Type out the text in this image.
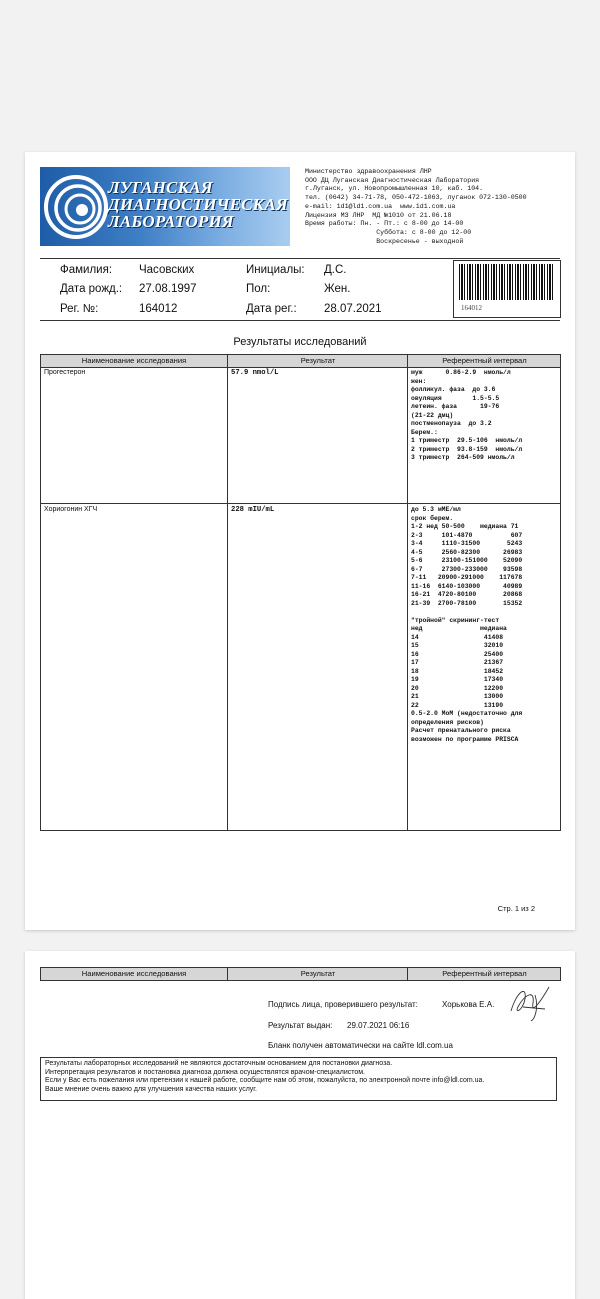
ЛУГАНСКАЯ
ДИАГНОСТИЧЕСКАЯ
ЛАБОРАТОРИЯ
Министерство здравоохранения ЛНР
ООО ДЦ Луганская Диагностическая Лаборатория
г.Луганск, ул. Новопромышленная 10, каб. 104.
тел. (0642) 34-71-78, 050-472-1063, луганок 072-130-0500
e-mail: 1d1@ld1.com.ua  www.1d1.com.ua
Лицензия МЗ ЛНР  МД №1010 от 21.06.18
Время работы: Пн. - Пт.: с 8-00 до 14-00
Суббота: с 8-00 до 12-00
Воскресенье - выходной
Фамилия: Часовских	Инициалы: Д.С.
Дата рожд.: 27.08.1997	Пол:	Жен.
Рег. №:	164012	Дата рег.: 28.07.2021	164012
Результаты исследований
Наименование исследования	Результат	Референтный интервал
Прогестерон	57.9 nmol/L	муж      0.86-2.9  нмоль/л
жен:
фолликул. фаза  до 3.6
овуляция        1.5-5.5
летеин. фаза      19-76
(21-22 дмц)
постменопауза  до 3.2
Берем.:
1 триместр  29.5-106  нмоль/л
2 триместр  93.8-159  нмоль/л
3 триместр  264-509 нмоль/л
Хориогонин ХГЧ	228 mIU/mL	до 5.3 мМЕ/мл
срок берем.
1-2 нед 50-500    медиана 71
2-3     101-4870          607
3-4     1110-31500       5243
4-5     2560-82300      26983
5-6     23100-151000    52090
6-7     27300-233000    93598
7-11   20900-291000    117678
11-16  6140-103000      40989
16-21  4720-80100       20868
21-39  2700-78100       15352

"тройной" скрининг-тест
нед               медиана
14                 41408
15                 32010
16                 25400
17                 21367
18                 18452
19                 17340
20                 12200
21                 13000
22                 13190
0.5-2.0 MoM (недостаточно для
определения рисков)
Расчет пренатального риска
возможен по программе PRISCA
Стр. 1 из 2
Наименование исследования	Результат	Референтный интервал
Подпись лица, проверившего результат:	Хорькова Е.А.
Результат выдан: 29.07.2021 06:16
Бланк получен автоматически на сайте ldl.com.ua
Результаты лабораторных исследований не являются достаточным основанием для постановки диагноза.
Интерпретация результатов и постановка диагноза должна осуществлятся врачом-специалистом.
Если у Вас есть пожелания или претензии к нашей работе, сообщите нам об этом, пожалуйста, по электронной почте info@ldl.com.ua.
Ваше мнение очень важно для улучшения качества наших услуг.
